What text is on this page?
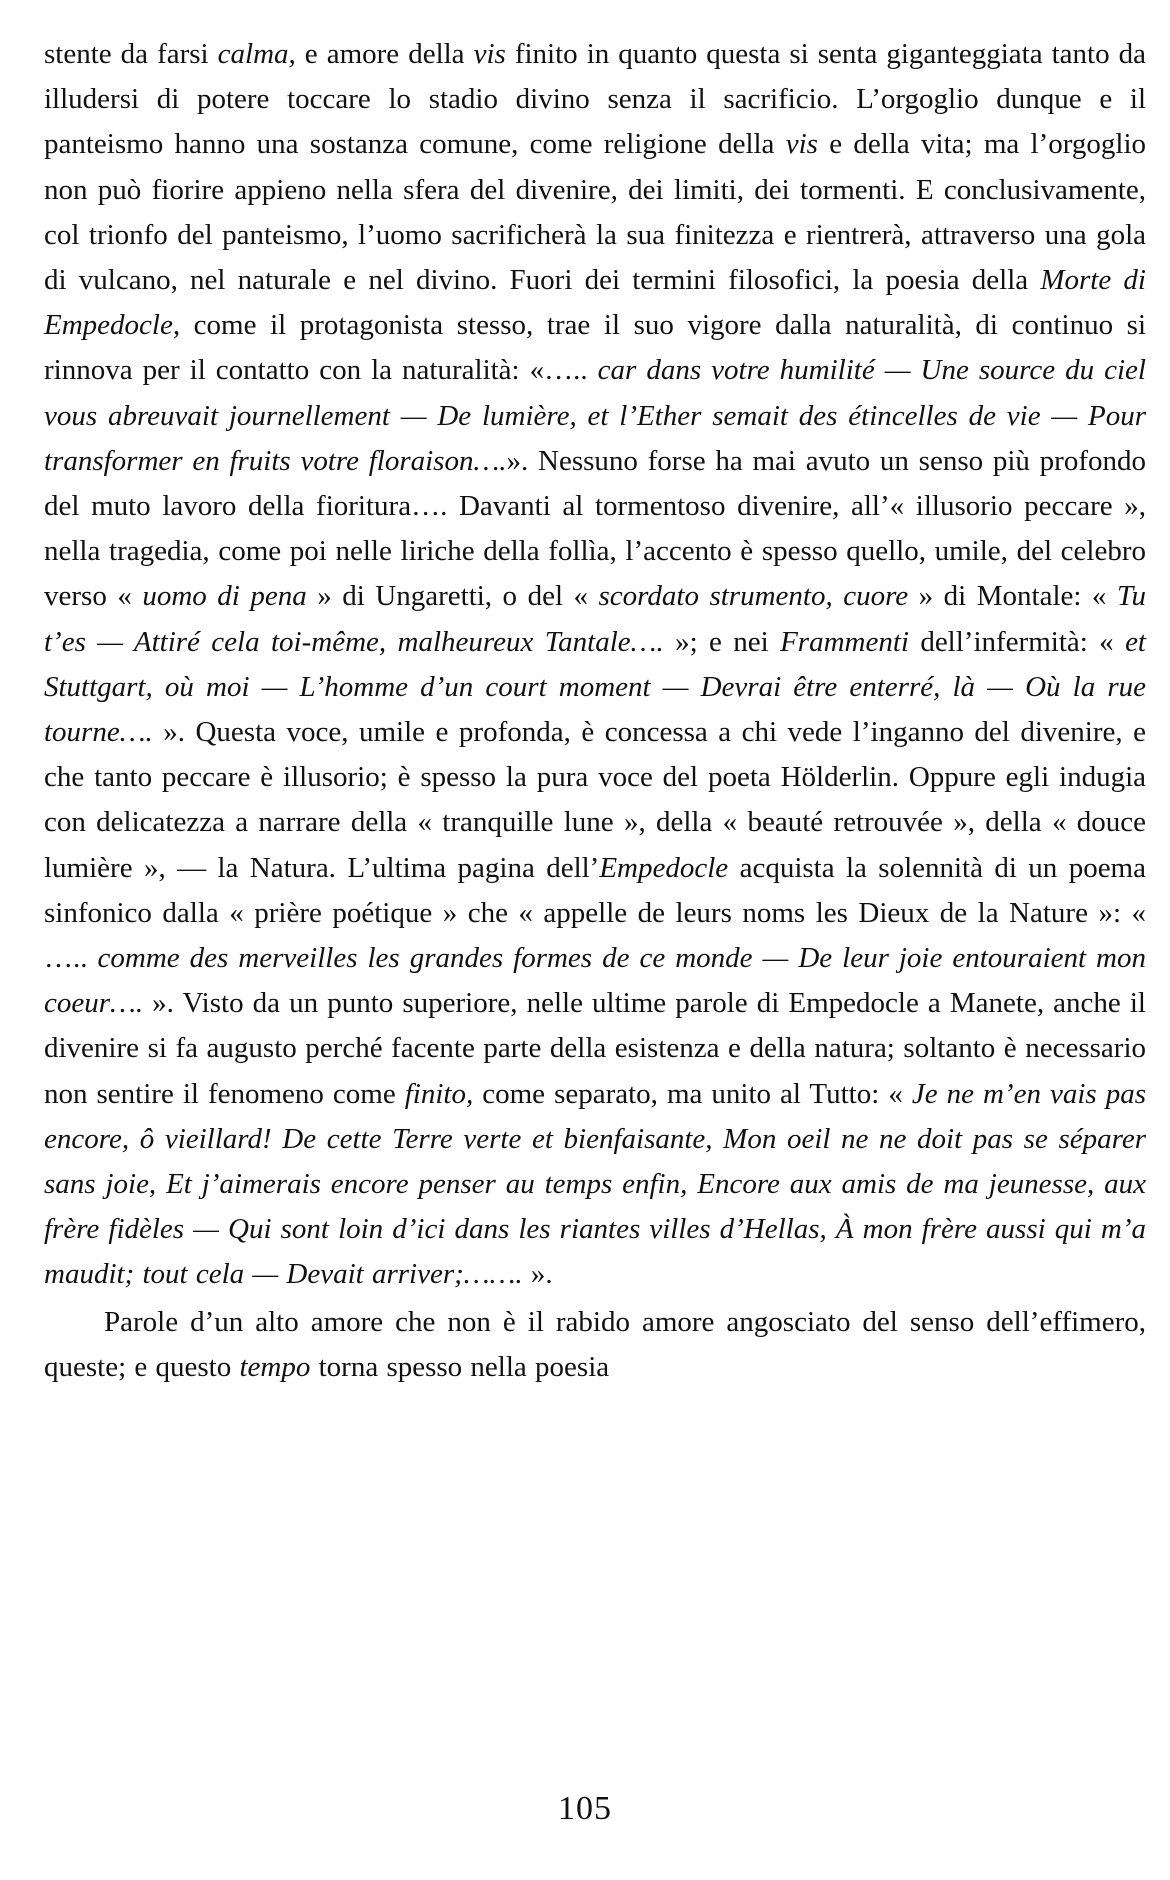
stente da farsi calma, e amore della vis finito in quanto questa si senta giganteggiata tanto da illudersi di potere toccare lo stadio divino senza il sacrificio. L’orgoglio dunque e il panteismo hanno una sostanza comune, come religione della vis e della vita; ma l’orgoglio non può fiorire appieno nella sfera del divenire, dei limiti, dei tormenti. E conclusivamente, col trionfo del panteismo, l’uomo sacrificherà la sua finitezza e rientrerà, attraverso una gola di vulcano, nel naturale e nel divino. Fuori dei termini filosofici, la poesia della Morte di Empedocle, come il protagonista stesso, trae il suo vigore dalla naturalità, di continuo si rinnova per il contatto con la naturalità: «….. car dans votre humilité — Une source du ciel vous abreuvait journellement — De lumière, et l’Ether semait des étincelles de vie — Pour transformer en fruits votre floraison….». Nessuno forse ha mai avuto un senso più profondo del muto lavoro della fioritura…. Davanti al tormentoso divenire, all’« illusorio peccare », nella tragedia, come poi nelle liriche della follìa, l’accento è spesso quello, umile, del celebro verso « uomo di pena » di Ungaretti, o del « scordato strumento, cuore » di Montale: « Tu t’es — Attiré cela toi-même, malheureux Tantale…. »; e nei Frammenti dell’infermità: « et Stuttgart, où moi — L’homme d’un court moment — Devrai être enterré, là — Où la rue tourne…. ». Questa voce, umile e profonda, è concessa a chi vede l’inganno del divenire, e che tanto peccare è illusorio; è spesso la pura voce del poeta Hölderlin. Oppure egli indugia con delicatezza a narrare della « tranquille lune », della « beauté retrouvée », della « douce lumière », — la Natura. L’ultima pagina dell’Empedocle acquista la solennità di un poema sinfonico dalla « prière poétique » che « appelle de leurs noms les Dieux de la Nature »: « ….. comme des merveilles les grandes formes de ce monde — De leur joie entouraient mon coeur…. ». Visto da un punto superiore, nelle ultime parole di Empedocle a Manete, anche il divenire si fa augusto perché facente parte della esistenza e della natura; soltanto è necessario non sentire il fenomeno come finito, come separato, ma unito al Tutto: « Je ne m’en vais pas encore, ô vieillard! De cette Terre verte et bienfaisante, Mon oeil ne ne doit pas se séparer sans joie, Et j’aimerais encore penser au temps enfin, Encore aux amis de ma jeunesse, aux frère fidèles — Qui sont loin d’ici dans les riantes villes d’Hellas, À mon frère aussi qui m’a maudit; tout cela — Devait arriver;……. ».

Parole d’un alto amore che non è il rabido amore angosciato del senso dell’effimero, queste; e questo tempo torna spesso nella poesia

105
